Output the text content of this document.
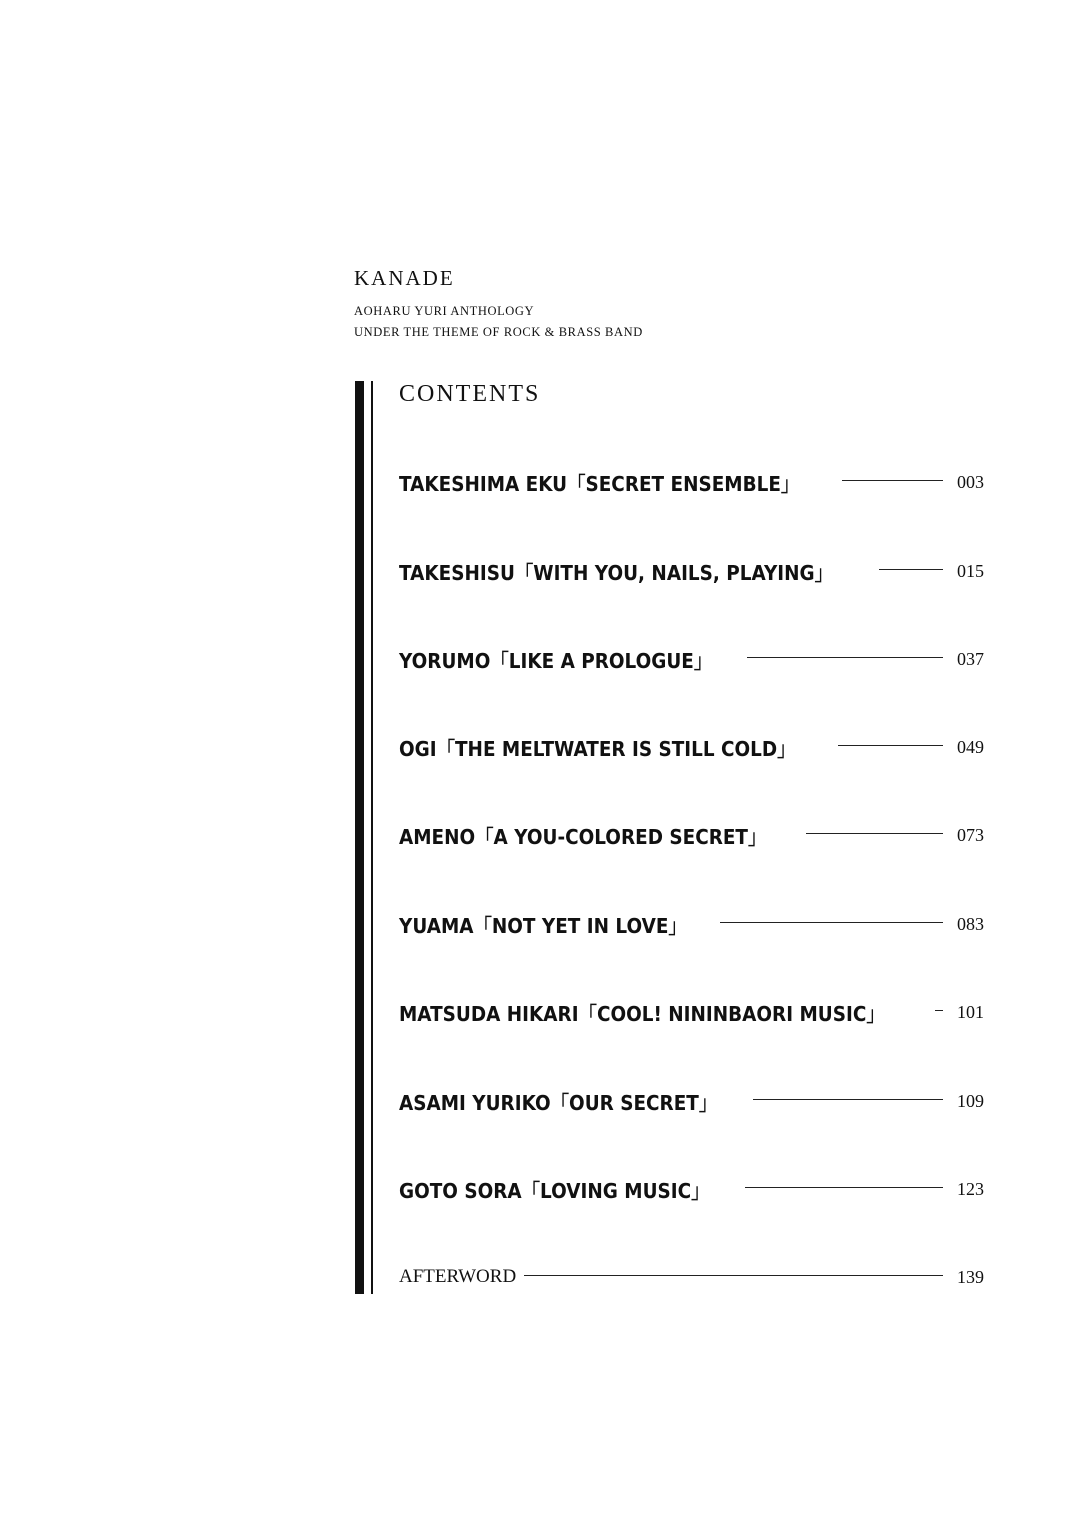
KANADE
AOHARU YURI ANTHOLOGY
UNDER THE THEME OF ROCK & BRASS BAND
CONTENTS
TAKESHIMA EKU「SECRET ENSEMBLE」	003
TAKESHISU「WITH YOU, NAILS, PLAYING」	015
YORUMO「LIKE A PROLOGUE」	037
OGI「THE MELTWATER IS STILL COLD」	049
AMENO「A YOU-COLORED SECRET」	073
YUAMA「NOT YET IN LOVE」	083
MATSUDA HIKARI「COOL! NININBAORI MUSIC」	101
ASAMI YURIKO「OUR SECRET」	109
GOTO SORA「LOVING MUSIC」	123
AFTERWORD	139
